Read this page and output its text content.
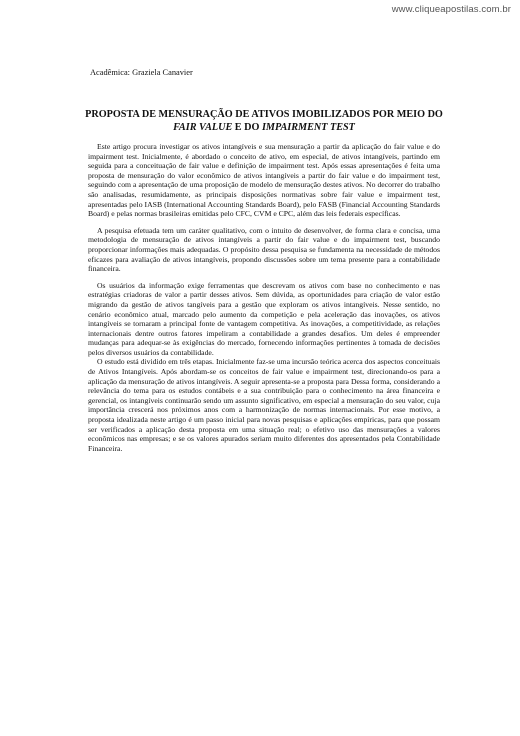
www.cliqueapostilas.com.br
Acadêmica: Graziela Canavier
PROPOSTA DE MENSURAÇÃO DE ATIVOS IMOBILIZADOS POR MEIO DO
FAIR VALUE E DO IMPAIRMENT TEST

Este artigo procura investigar os ativos intangíveis e sua mensuração a partir da aplicação do fair value e do impairment test. Inicialmente, é abordado o conceito de ativo, em especial, de ativos intangíveis, partindo em seguida para a conceituação de fair value e definição de impairment test. Após essas apresentações é feita uma proposta de mensuração do valor econômico de ativos intangíveis a partir do fair value e do impairment test, seguindo com a apresentação de uma proposição de modelo de mensuração destes ativos. No decorrer do trabalho são analisadas, resumidamente, as principais disposições normativas sobre fair value e impairment test, apresentadas pelo IASB (International Accounting Standards Board), pelo FASB (Financial Accounting Standards Board) e pelas normas brasileiras emitidas pelo CFC, CVM e CPC, além das leis federais específicas.

A pesquisa efetuada tem um caráter qualitativo, com o intuito de desenvolver, de forma clara e concisa, uma metodologia de mensuração de ativos intangíveis a partir do fair value e do impairment test, buscando proporcionar informações mais adequadas. O propósito dessa pesquisa se fundamenta na necessidade de métodos eficazes para avaliação de ativos intangíveis, propondo discussões sobre um tema presente para a contabilidade financeira.

Os usuários da informação exige ferramentas que descrevam os ativos com base no conhecimento e nas estratégias criadoras de valor a partir desses ativos. Sem dúvida, as oportunidades para criação de valor estão migrando da gestão de ativos tangíveis para a gestão que exploram os ativos intangíveis. Nesse sentido, no cenário econômico atual, marcado pelo aumento da competição e pela aceleração das inovações, os ativos intangíveis se tornaram a principal fonte de vantagem competitiva. As inovações, a competitividade, as relações internacionais dentre outros fatores impeliram a contabilidade a grandes desafios. Um deles é empreender mudanças para adequar-se às exigências do mercado, fornecendo informações pertinentes à tomada de decisões pelos diversos usuários da contabilidade.

O estudo está dividido em três etapas. Inicialmente faz-se uma incursão teórica acerca dos aspectos conceituais de Ativos Intangíveis. Após abordam-se os conceitos de fair value e impairment test, direcionando-os para a aplicação da mensuração de ativos intangíveis. A seguir apresenta-se a proposta para Dessa forma, considerando a relevância do tema para os estudos contábeis e a sua contribuição para o conhecimento na área financeira e gerencial, os intangíveis continuarão sendo um assunto significativo, em especial a mensuração do seu valor, cuja importância crescerá nos próximos anos com a harmonização de normas internacionais. Por esse motivo, a proposta idealizada neste artigo é um passo inicial para novas pesquisas e aplicações empíricas, para que possam ser verificados a aplicação desta proposta em uma situação real; o efetivo uso das mensurações a valores econômicos nas empresas; e se os valores apurados seriam muito diferentes dos apresentados pela Contabilidade Financeira.
